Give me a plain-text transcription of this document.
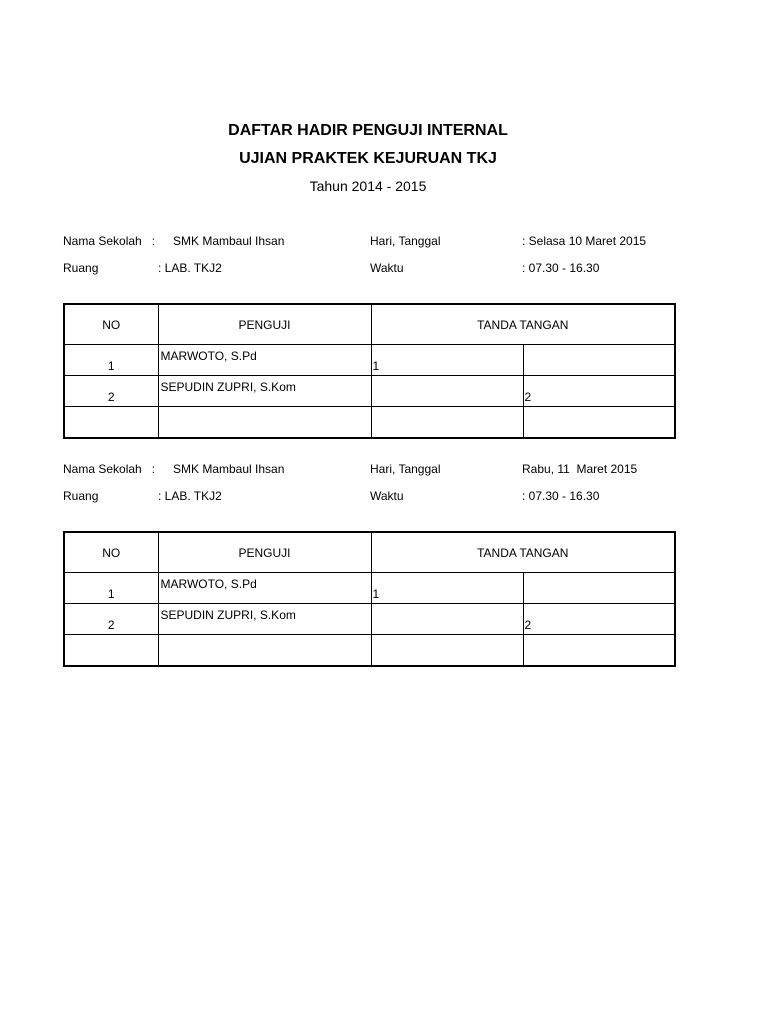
DAFTAR HADIR PENGUJI INTERNAL
UJIAN PRAKTEK KEJURUAN TKJ
Tahun 2014 - 2015
Nama Sekolah   : SMK Mambaul Ihsan	Hari, Tanggal	: Selasa 10 Maret 2015
Ruang	: LAB. TKJ2	Waktu	: 07.30 - 16.30
NO	PENGUJI	TANDA TANGAN	
1	MARWOTO, S.Pd	1	
2	SEPUDIN ZUPRI, S.Kom		2

Nama Sekolah   : SMK Mambaul Ihsan	Hari, Tanggal	Rabu, 11  Maret 2015
Ruang	: LAB. TKJ2	Waktu	: 07.30 - 16.30
NO	PENGUJI	TANDA TANGAN	
1	MARWOTO, S.Pd	1	
2	SEPUDIN ZUPRI, S.Kom		2
